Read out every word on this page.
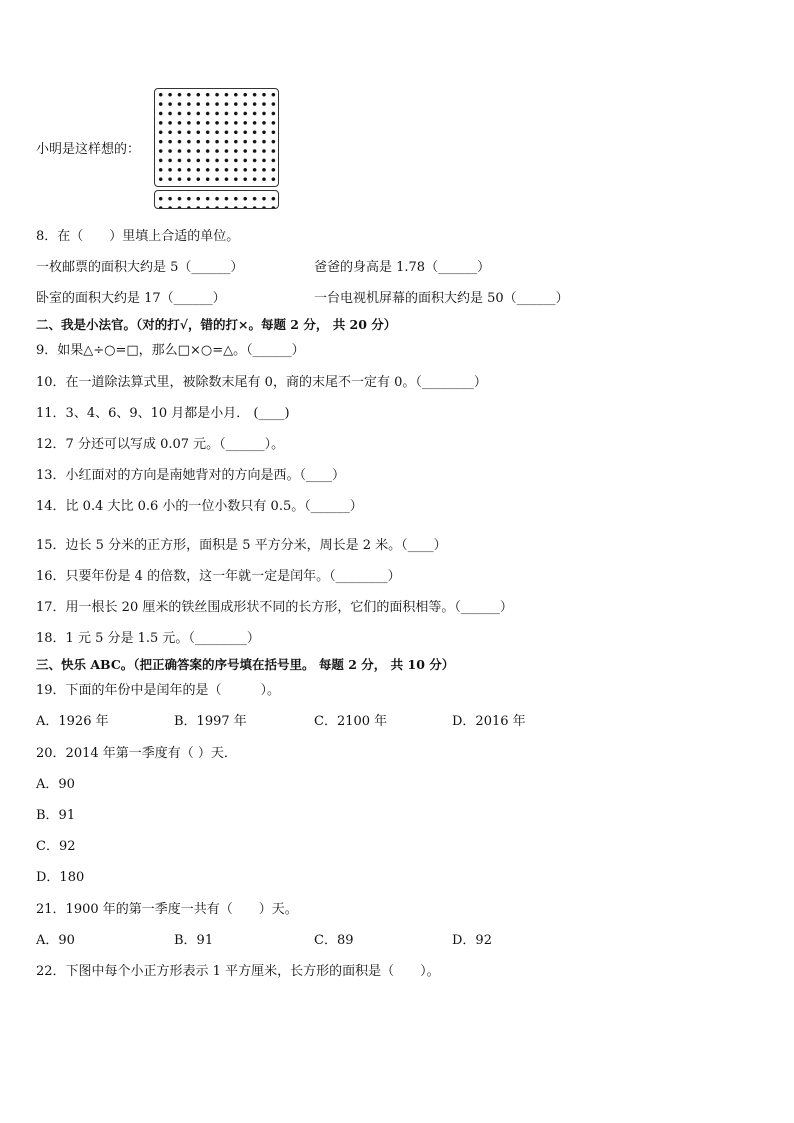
小明是这样想的：
8．在（　　）里填上合适的单位。
一枚邮票的面积大约是 5（______）	爸爸的身高是 1.78（______）
卧室的面积大约是 17（______）	一台电视机屏幕的面积大约是 50（______）
二、我是小法官。（对的打√，错的打×。每题 2 分， 共 20 分）
9．如果△÷○=□，那么□×○=△。（______）
10．在一道除法算式里，被除数末尾有 0，商的末尾不一定有 0。（________）
11．3、4、6、9、10 月都是小月． (____)
12．7 分还可以写成 0.07 元。（______）。
13．小红面对的方向是南她背对的方向是西。（____）
14．比 0.4 大比 0.6 小的一位小数只有 0.5。（______）
15．边长 5 分米的正方形，面积是 5 平方分米，周长是 2 米。（____）
16．只要年份是 4 的倍数，这一年就一定是闰年。（________）
17．用一根长 20 厘米的铁丝围成形状不同的长方形，它们的面积相等。（______）
18．1 元 5 分是 1.5 元。（________）
三、快乐 ABC。（把正确答案的序号填在括号里。 每题 2 分， 共 10 分）
19．下面的年份中是闰年的是（　　　）。
A．1926 年	B．1997 年	C．2100 年	D．2016 年
20．2014 年第一季度有（ ）天．
A．90
B．91
C．92
D．180
21．1900 年的第一季度一共有（　　）天。
A．90	B．91	C．89	D．92
22．下图中每个小正方形表示 1 平方厘米，长方形的面积是（　　）。
